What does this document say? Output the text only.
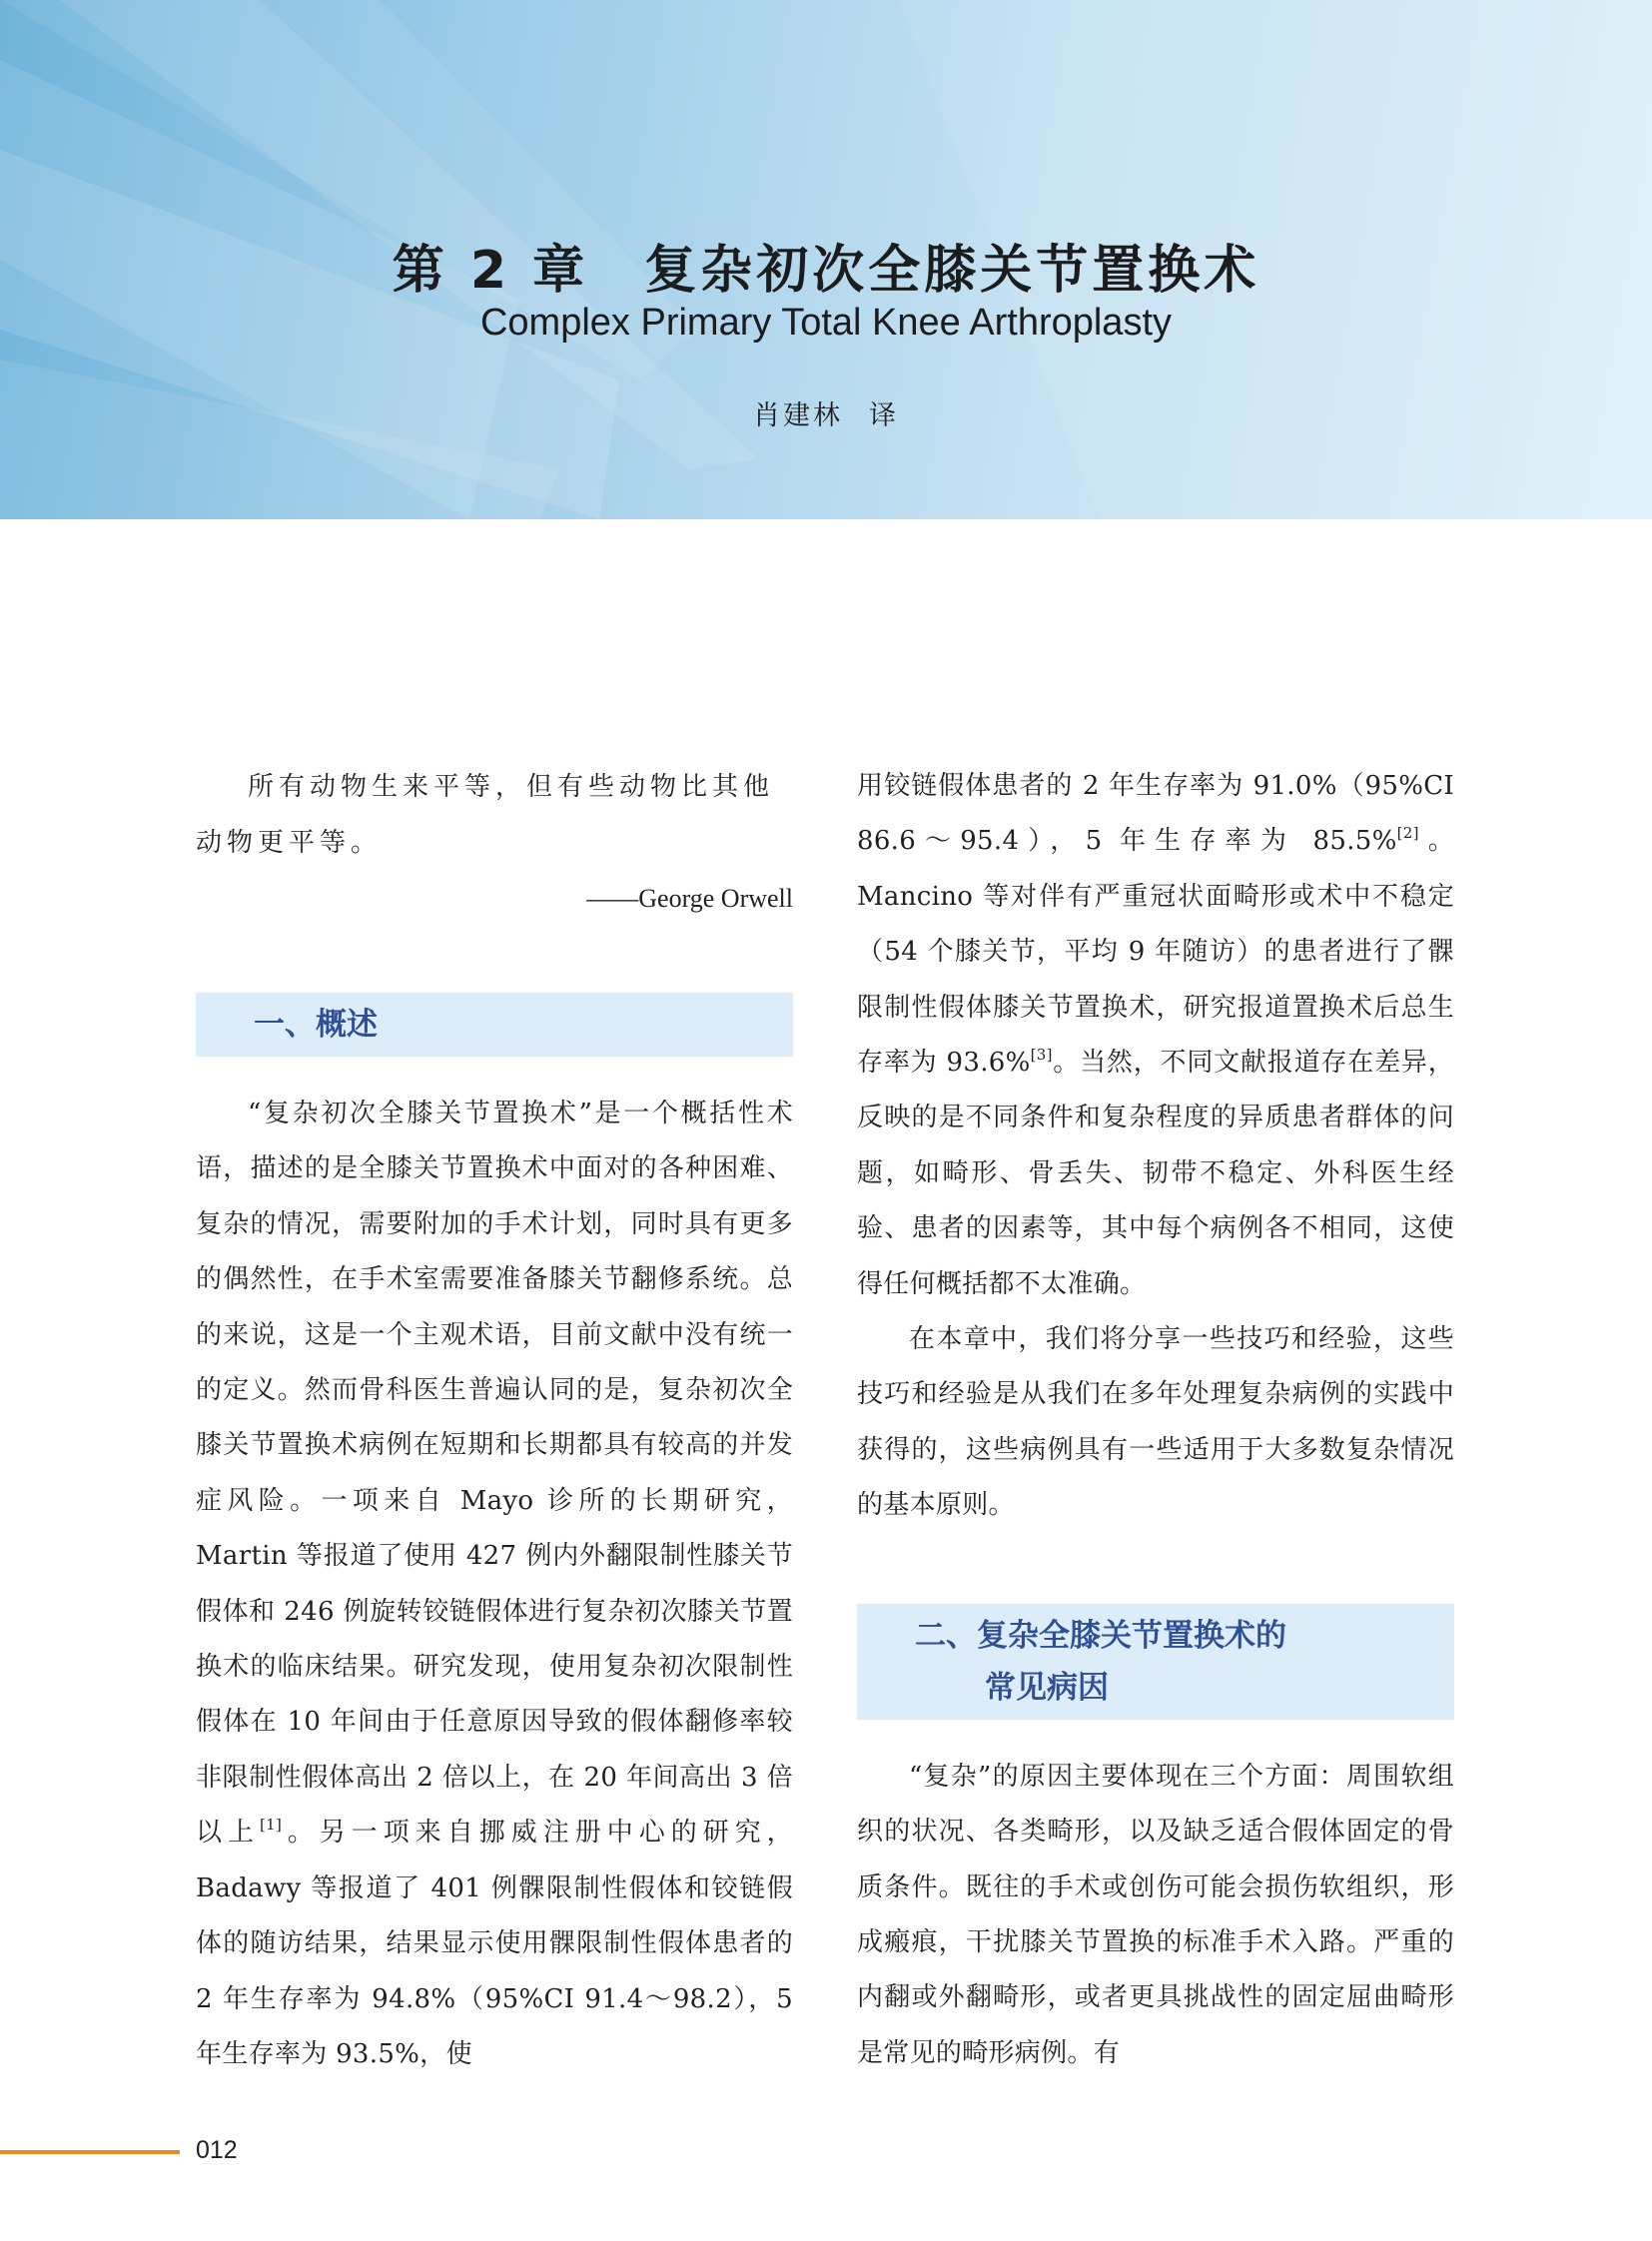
第 2 章 复杂初次全膝关节置换术
Complex Primary Total Knee Arthroplasty
肖建林 译

所有动物生来平等，但有些动物比其他动物更平等。

——George Orwell

一、概述

“复杂初次全膝关节置换术”是一个概括性术语，描述的是全膝关节置换术中面对的各种困难、复杂的情况，需要附加的手术计划，同时具有更多的偶然性，在手术室需要准备膝关节翻修系统。总的来说，这是一个主观术语，目前文献中没有统一的定义。然而骨科医生普遍认同的是，复杂初次全膝关节置换术病例在短期和长期都具有较高的并发症风险。一项来自 Mayo 诊所的长期研究，Martin 等报道了使用 427 例内外翻限制性膝关节假体和 246 例旋转铰链假体进行复杂初次膝关节置换术的临床结果。研究发现，使用复杂初次限制性假体在 10 年间由于任意原因导致的假体翻修率较非限制性假体高出 2 倍以上，在 20 年间高出 3 倍以上[1]。另一项来自挪威注册中心的研究，Badawy 等报道了 401 例髁限制性假体和铰链假体的随访结果，结果显示使用髁限制性假体患者的 2 年生存率为 94.8%（95%CI 91.4～98.2），5 年生存率为 93.5%，使

用铰链假体患者的 2 年生存率为 91.0%（95%CI 86.6～95.4），5 年生存率为 85.5%[2]。Mancino 等对伴有严重冠状面畸形或术中不稳定（54 个膝关节，平均 9 年随访）的患者进行了髁限制性假体膝关节置换术，研究报道置换术后总生存率为 93.6%[3]。当然，不同文献报道存在差异，反映的是不同条件和复杂程度的异质患者群体的问题，如畸形、骨丢失、韧带不稳定、外科医生经验、患者的因素等，其中每个病例各不相同，这使得任何概括都不太准确。

在本章中，我们将分享一些技巧和经验，这些技巧和经验是从我们在多年处理复杂病例的实践中获得的，这些病例具有一些适用于大多数复杂情况的基本原则。

二、复杂全膝关节置换术的
常见病因

“复杂”的原因主要体现在三个方面：周围软组织的状况、各类畸形，以及缺乏适合假体固定的骨质条件。既往的手术或创伤可能会损伤软组织，形成瘢痕，干扰膝关节置换的标准手术入路。严重的内翻或外翻畸形，或者更具挑战性的固定屈曲畸形是常见的畸形病例。有

012
